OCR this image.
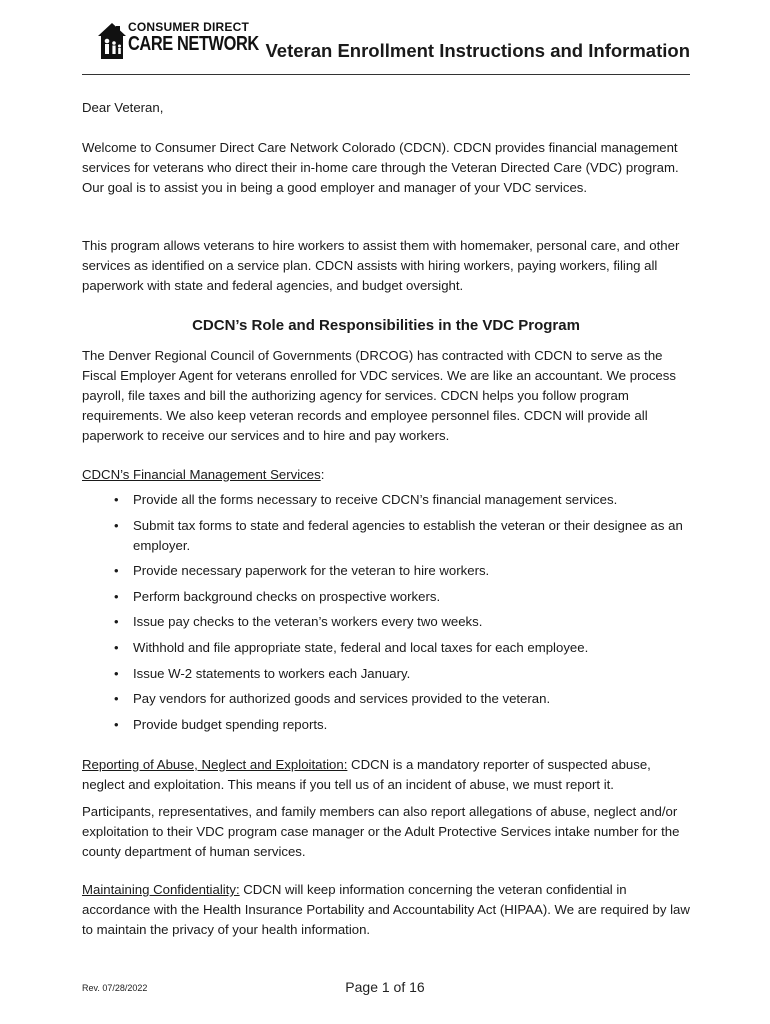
CONSUMER DIRECT
CARE NETWORK Veteran Enrollment Instructions and Information

Dear Veteran,

Welcome to Consumer Direct Care Network Colorado (CDCN). CDCN provides financial management services for veterans who direct their in-home care through the Veteran Directed Care (VDC) program. Our goal is to assist you in being a good employer and manager of your VDC services.

This program allows veterans to hire workers to assist them with homemaker, personal care, and other services as identified on a service plan. CDCN assists with hiring workers, paying workers, filing all paperwork with state and federal agencies, and budget oversight.

CDCN’s Role and Responsibilities in the VDC Program

The Denver Regional Council of Governments (DRCOG) has contracted with CDCN to serve as the Fiscal Employer Agent for veterans enrolled for VDC services. We are like an accountant. We process payroll, file taxes and bill the authorizing agency for services. CDCN helps you follow program requirements. We also keep veteran records and employee personnel files. CDCN will provide all paperwork to receive our services and to hire and pay workers.

CDCN’s Financial Management Services:

• Provide all the forms necessary to receive CDCN’s financial management services.
• Submit tax forms to state and federal agencies to establish the veteran or their designee as an employer.
• Provide necessary paperwork for the veteran to hire workers.
• Perform background checks on prospective workers.
• Issue pay checks to the veteran’s workers every two weeks.
• Withhold and file appropriate state, federal and local taxes for each employee.
• Issue W-2 statements to workers each January.
• Pay vendors for authorized goods and services provided to the veteran.
• Provide budget spending reports.

Reporting of Abuse, Neglect and Exploitation: CDCN is a mandatory reporter of suspected abuse, neglect and exploitation. This means if you tell us of an incident of abuse, we must report it.

Participants, representatives, and family members can also report allegations of abuse, neglect and/or exploitation to their VDC program case manager or the Adult Protective Services intake number for the county department of human services.

Maintaining Confidentiality: CDCN will keep information concerning the veteran confidential in accordance with the Health Insurance Portability and Accountability Act (HIPAA). We are required by law to maintain the privacy of your health information.

Rev. 07/28/2022	Page 1 of 16
